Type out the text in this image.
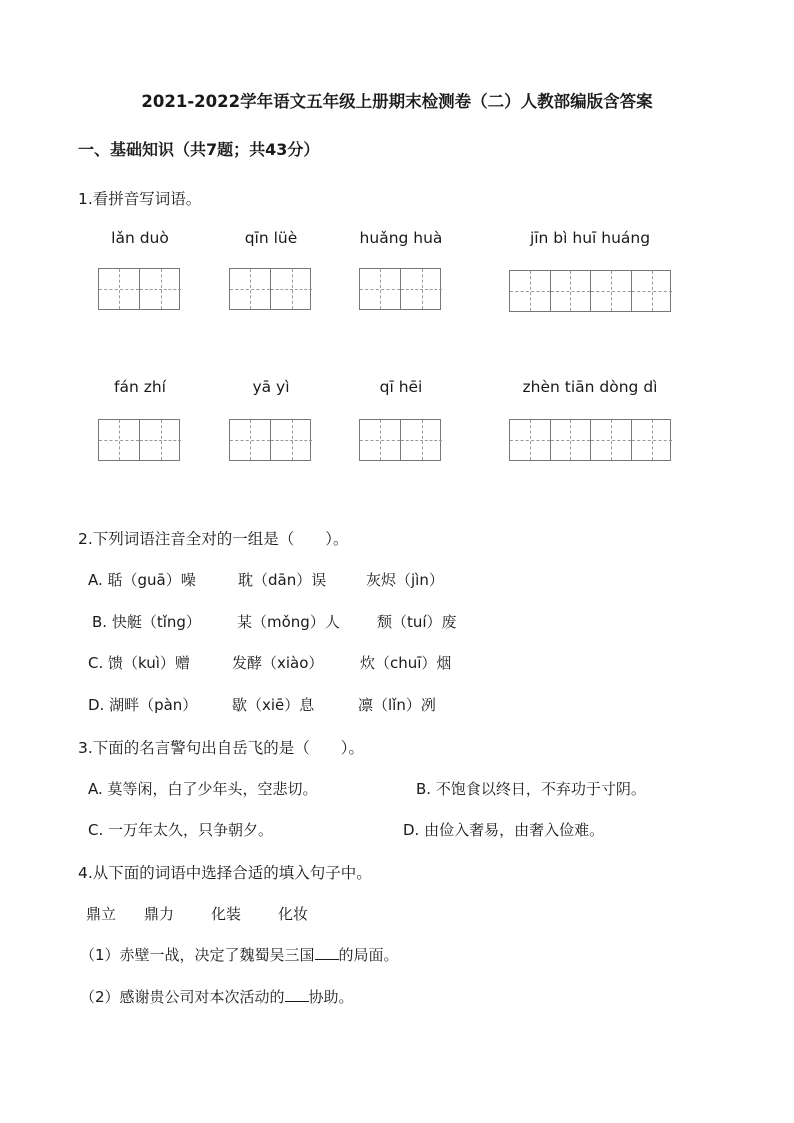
2021-2022学年语文五年级上册期末检测卷（二）人教部编版含答案
一、基础知识（共7题；共43分）
1.看拼音写词语。
lǎn duò	qīn lüè	huǎng huà	jīn bì huī huáng
fán zhí	yā yì	qī hēi	zhèn tiān dòng dì
2.下列词语注音全对的一组是（　　）。
A. 聒（guā）噪	耽（dān）误	灰烬（jìn）
B. 快艇（tǐng） 某（mǒng）人 颓（tuí）废
C. 馈（kuì）赠	发酵（xiào） 炊（chuī）烟
D. 湖畔（pàn） 歇（xiē）息	凛（lǐn）冽
3.下面的名言警句出自岳飞的是（　　）。
A. 莫等闲，白了少年头，空悲切。	B. 不饱食以终日，不弃功于寸阴。
C. 一万年太久，只争朝夕。	D. 由俭入奢易，由奢入俭难。
4.从下面的词语中选择合适的填入句子中。
鼎立 鼎力 化装 化妆
（1）赤壁一战，决定了魏蜀吴三国 的局面。
（2）感谢贵公司对本次活动的 协助。
